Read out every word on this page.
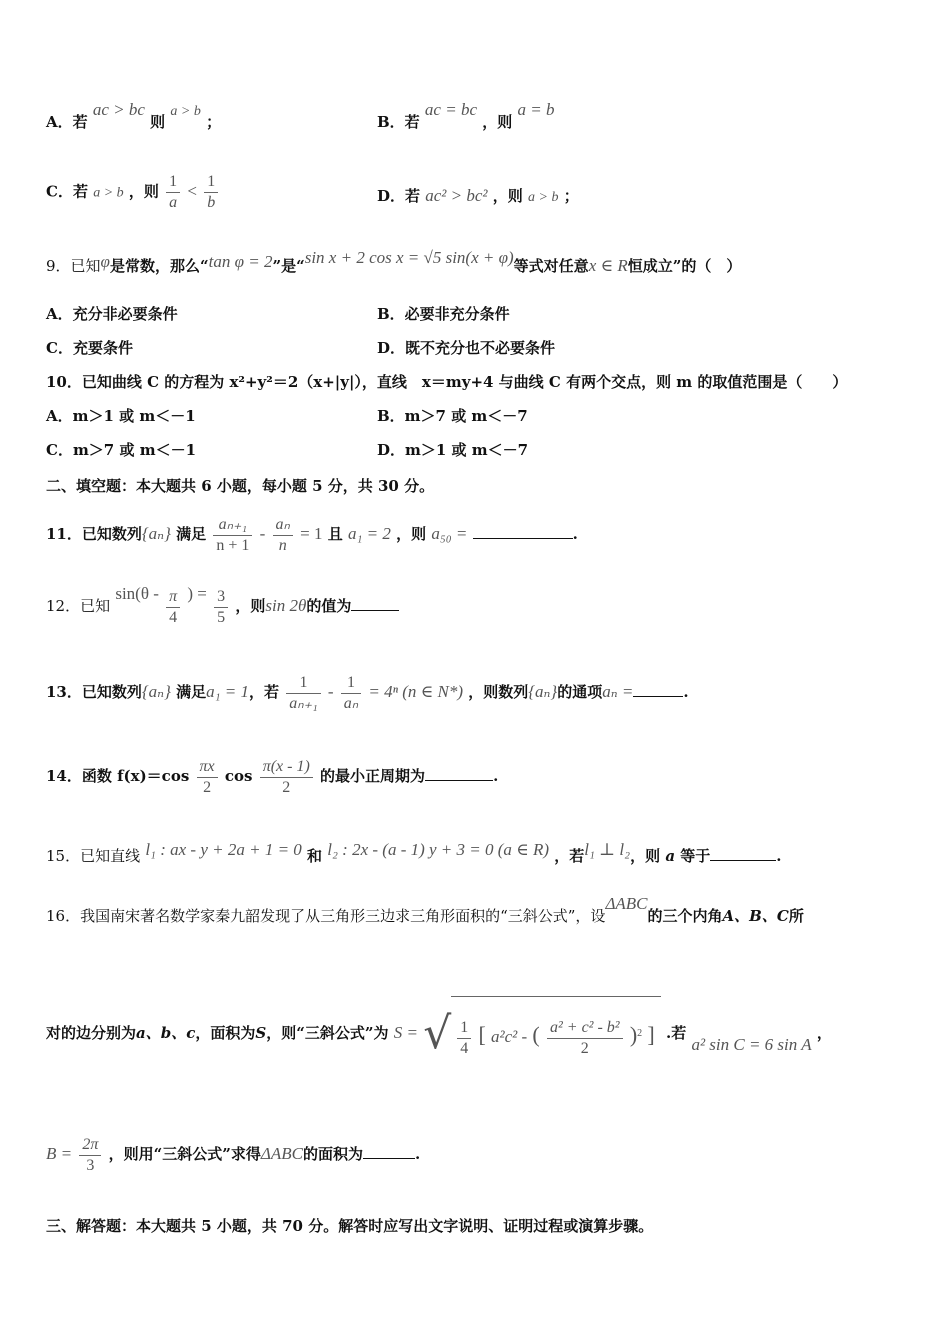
A．若 ac > bc 则 a > b ；	B．若 ac = bc ，则 a = b
C．若 a > b ，则 $\frac{1}{a} < \frac{1}{b}$	D．若 ac² > bc² ，则 a > b ；
9．已知φ是常数，那么“tan φ = 2”是“sin x + 2 cos x = √5 sin(x + φ)等式对任意x ∈ R恒成立”的（　）
A．充分非必要条件	B．必要非充分条件
C．充要条件	D．既不充分也不必要条件
10．已知曲线 C 的方程为 x²+y²＝2（x+|y|），直线　x＝my+4 与曲线 C 有两个交点，则 m 的取值范围是（　　）
A．m＞1 或 m＜－1	B．m＞7 或 m＜－7
C．m＞7 或 m＜－1	D．m＞1 或 m＜－7
二、填空题：本大题共 6 小题，每小题 5 分，共 30 分。
11．已知数列{aₙ} 满足 $\frac{\text{aₙ₊₁}}{n + 1} - \frac{\text{aₙ}}{n} = 1$ 且 a₁ = 2 ，则 a₅₀ =	.
12．已知 $\sin(\theta - \frac{\pi}{4}$ ) = $\frac{3}{5}$ ，则sin 2θ的值为
13．已知数列{aₙ} 满足a₁ = 1，若 $\frac{1}{\text{aₙ₊₁}} - \frac{1}{\text{aₙ}} = 4^n$ (n ∈ N*) ，则数列{aₙ}的通项aₙ =	.
14．函数 $f(x)=\cos \frac{\pi x}{2}$ $\cos \frac{\pi(x - 1)}{2}$ 的最小正周期为	.
15．已知直线 l₁ : ax - y + 2a + 1 = 0 和 l₂ : 2x - (a - 1) y + 3 = 0 (a ∈ R) ，若l₁ ⊥ l₂，则 a 等于	.
16．我国南宋著名数学家秦九韶发现了从三角形三边求三角形面积的“三斜公式”，设ΔABC的三个内角A、B、C所
对的边分别为a、b、c，面积为S，则“三斜公式”为 S = √ $\frac{1}{4}$ [ a²c² - ( $\frac{\text{a² + c² - b²}}{2} )^2$ ] .若 a² sin C = 6 sin A ，
$B = \frac{2\pi}{3}$ ，则用“三斜公式”求得ΔABC的面积为	.
三、解答题：本大题共 5 小题，共 70 分。解答时应写出文字说明、证明过程或演算步骤。
